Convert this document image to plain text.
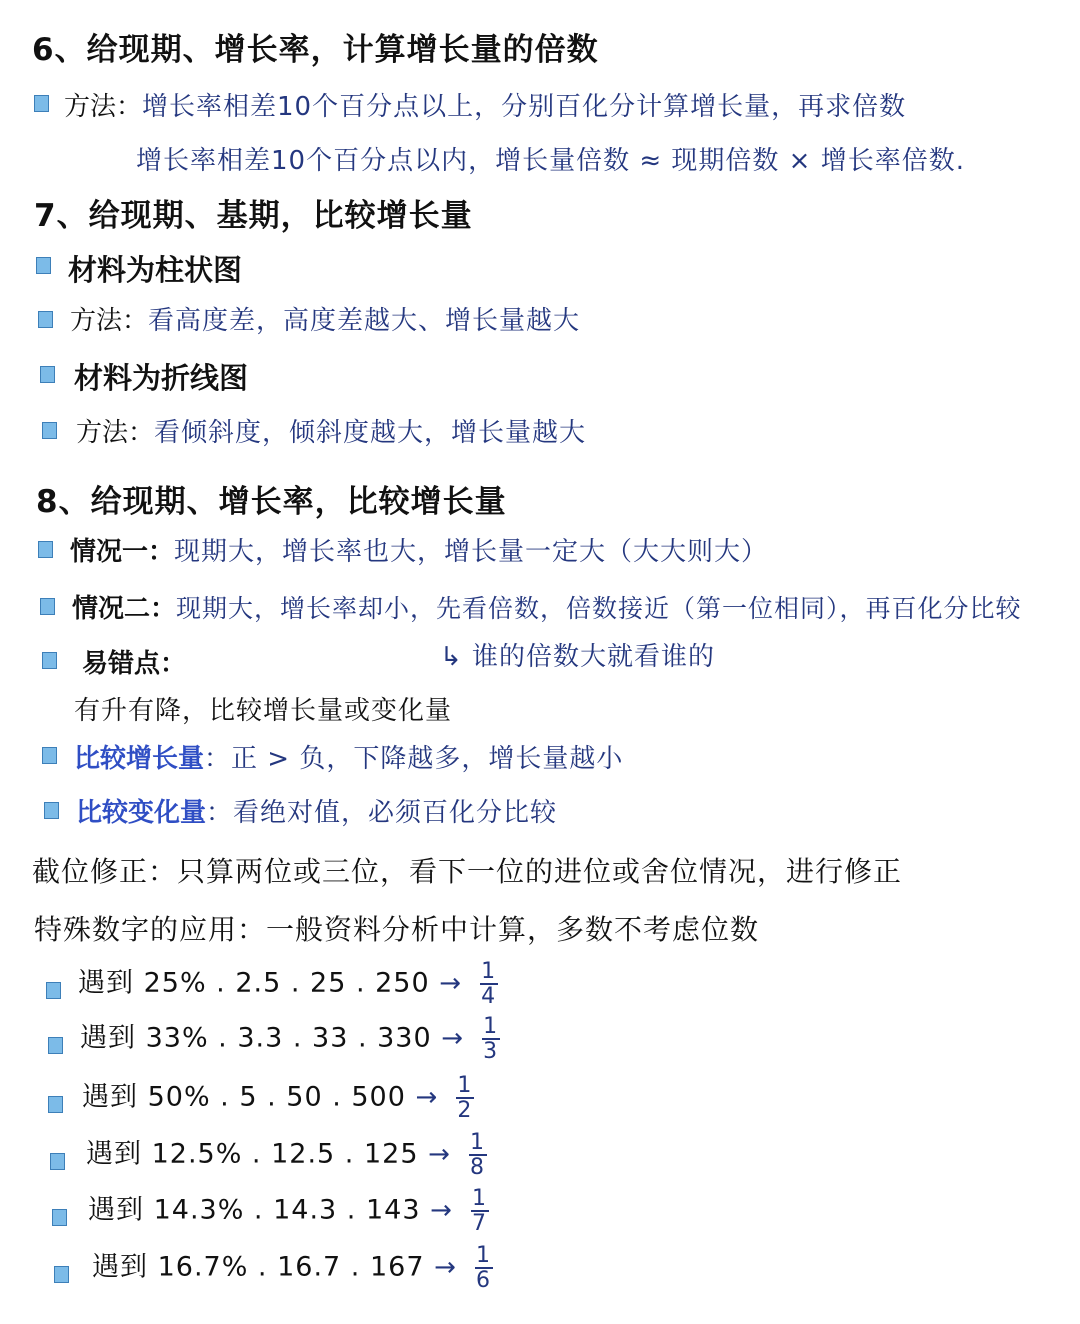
6、给现期、增长率，计算增长量的倍数
方法：增长率相差10个百分点以上，分别百化分计算增长量，再求倍数
增长率相差10个百分点以内，增长量倍数 ≈ 现期倍数 × 增长率倍数.
7、给现期、基期，比较增长量
材料为柱状图
方法：看高度差，高度差越大、增长量越大
材料为折线图
方法：看倾斜度，倾斜度越大，增长量越大
8、给现期、增长率，比较增长量
情况一：现期大，增长率也大，增长量一定大（大大则大）
情况二：现期大，增长率却小，先看倍数，倍数接近（第一位相同），再百化分比较
↳ 谁的倍数大就看谁的
易错点：
有升有降，比较增长量或变化量
比较增长量：正 > 负，下降越多，增长量越小
比较变化量：看绝对值，必须百化分比较
截位修正：只算两位或三位，看下一位的进位或舍位情况，进行修正
特殊数字的应用：一般资料分析中计算，多数不考虑位数
遇到 25% . 2.5 . 25 . $250 \to \frac{1}{4}$
遇到 33% . 3.3 . 33 . $330 \to \frac{1}{3}$
遇到 50% . 5 . 50 . $500 \to \frac{1}{2}$
遇到 12.5% . 12.5 . $125 \to \frac{1}{8}$
遇到 14.3% . 14.3 . $143 \to \frac{1}{7}$
遇到 16.7% . 16.7 . $167 \to \frac{1}{6}$
